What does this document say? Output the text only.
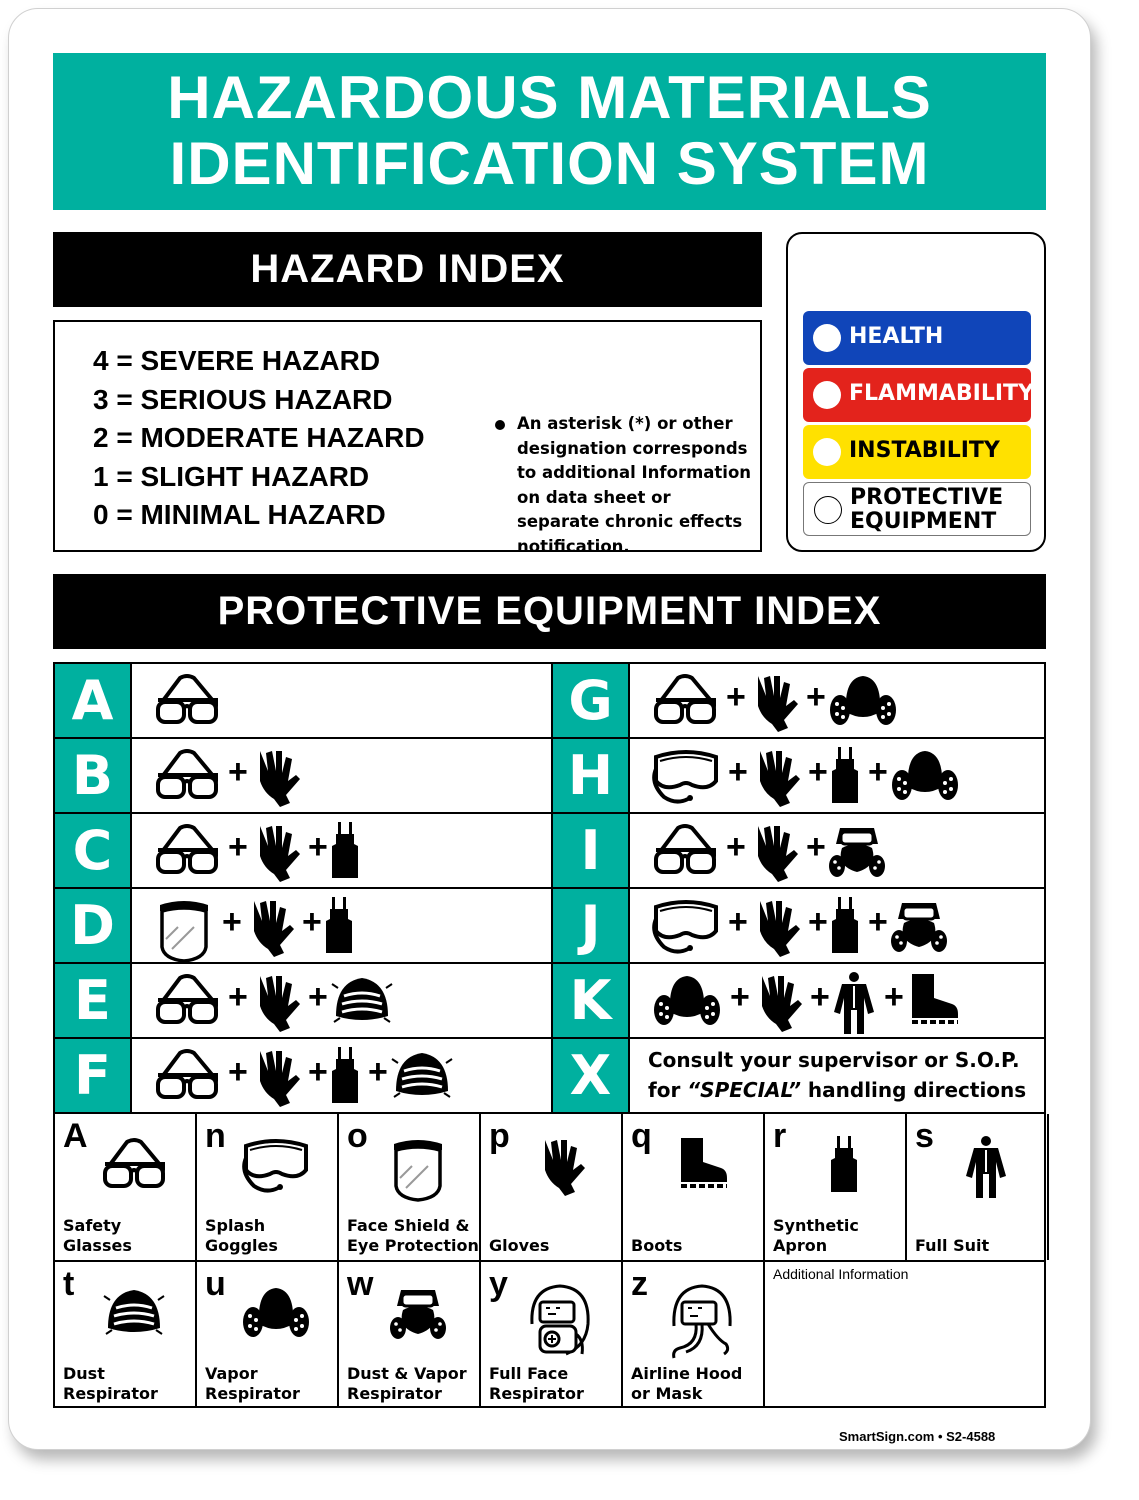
HAZARDOUS MATERIALS
IDENTIFICATION SYSTEM
HAZARD INDEX
4 = SEVERE HAZARD
3 = SERIOUS HAZARD
2 = MODERATE HAZARD
1 = SLIGHT HAZARD
0 = MINIMAL HAZARD
An asterisk (*) or other designation corresponds to additional Information on data sheet or separate chronic effects notification.
HEALTH
FLAMMABILITY
INSTABILITY
PROTECTIVE
EQUIPMENT
PROTECTIVE EQUIPMENT INDEX
A
B	+
C	+ +
D	+ +
E	+ +
F	+ + +
G	+ +
H	+ + +
I	+ +
J	+ + +
K	+ + +
X	Consult your supervisor or S.O.P.
for “SPECIAL” handling directions
Additional Information
A
Safety
Glasses
n
Splash
Goggles
o
Face Shield &
Eye Protection
p
Gloves
q
Boots
r
Synthetic
Apron
s
Full Suit
t
Dust
Respirator
u
Vapor
Respirator
w
Dust & Vapor
Respirator
y
Full Face
Respirator
z
Airline Hood
or Mask
SmartSign.com • S2-4588
